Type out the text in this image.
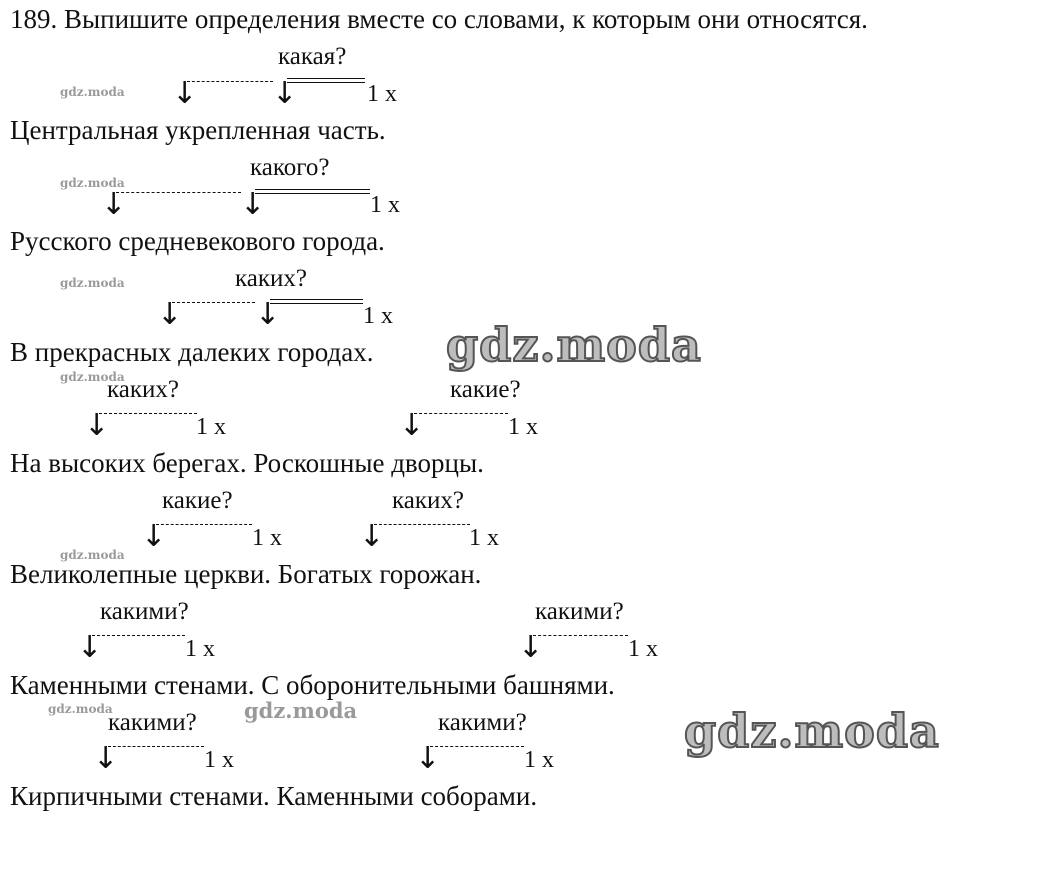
189. Выпишите определения вместе со словами, к которым они относятся.
какая?
↓ ↓	1 х
Центральная укрепленная часть.
какого?
↓	↓	1 х
Русского средневекового города.
каких?
↓ ↓	1 х
В прекрасных далеких городах.
каких?	какие?
↓	1 х	↓	1 х
На высоких берегах. Роскошные дворцы.
какие?	каких?
↓	1 х	↓	1 х
Великолепные церкви. Богатых горожан.
какими?	какими?
↓	1 х	↓	1 х
Каменными стенами. С оборонительными башнями.
какими?	какими?
↓	1 х	↓	1 х
Кирпичными стенами. Каменными соборами.
gdz.moda
gdz.moda
gdz.moda
gdz.moda
gdz.moda
gdz.moda	gdz.moda
gdz.moda
gdz.moda
